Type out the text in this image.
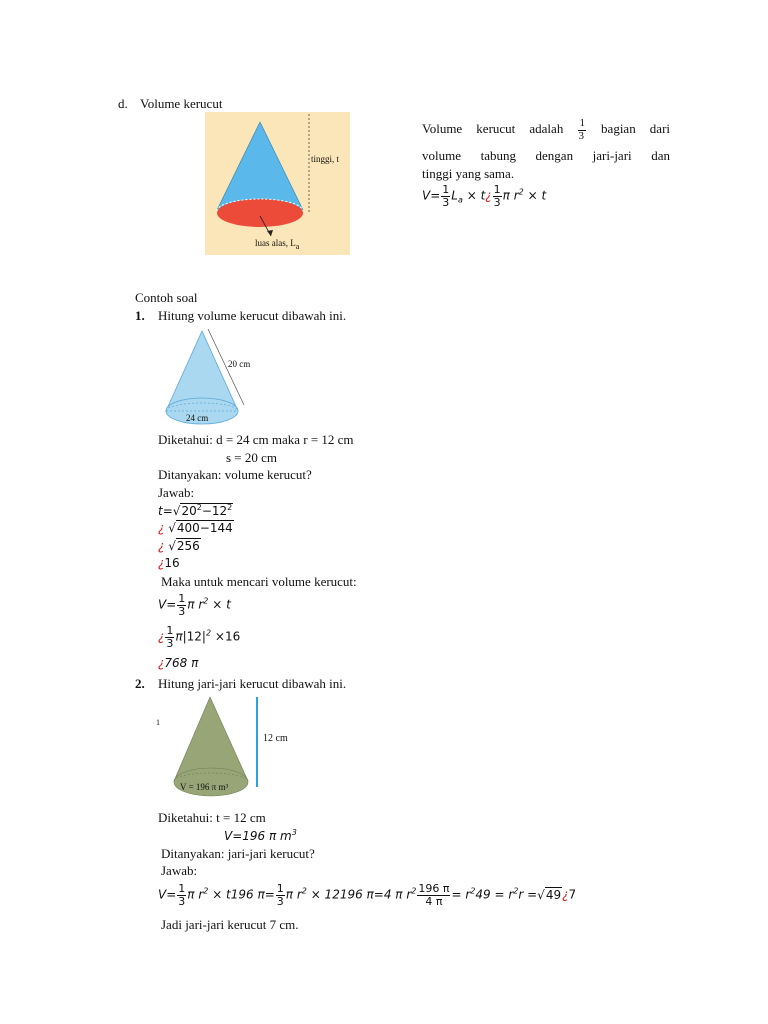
d. Volume kerucut
tinggi, t
luas alas, $L_a$
Volume kerucut adalah $\frac{1}{3}$ bagian dari
volume tabung dengan jari-jari dan
tinggi yang sama.
$V= \frac{1}{3} L_a$ × t¿ $\frac{1}{3}$ π $r^2 \times t$
Contoh soal
1. Hitung volume kerucut dibawah ini.
20 cm
24 cm
Diketahui: d = 24 cm maka r = 12 cm
s = 20 cm
Ditanyakan: volume kerucut?
Jawab:
$t=√20^2-12^2$
¿ √400−144
¿ √256
¿16
Maka untuk mencari volume kerucut:
$V= \frac{1}{3}$ π $r^2 \times t$
¿ $\frac{1}{3} \pi|12|^2 \times 16$
¿768 π
2. Hitung jari-jari kerucut dibawah ini.
1
12 cm
V = 196 π m³
Diketahui: t = 12 cm
V=196 π $m^3$
Ditanyakan: jari-jari kerucut?
Jawab:
$V= \frac{1}{3}$ π $r^2 \times t196$ $\pi= \frac{1}{3}$ π $r^2 \times 12196$ π=4 π $r^2 \frac{196 \pi}{4 \pi} = r^249 = r^2r$ =√49¿7
Jadi jari-jari kerucut 7 cm.
